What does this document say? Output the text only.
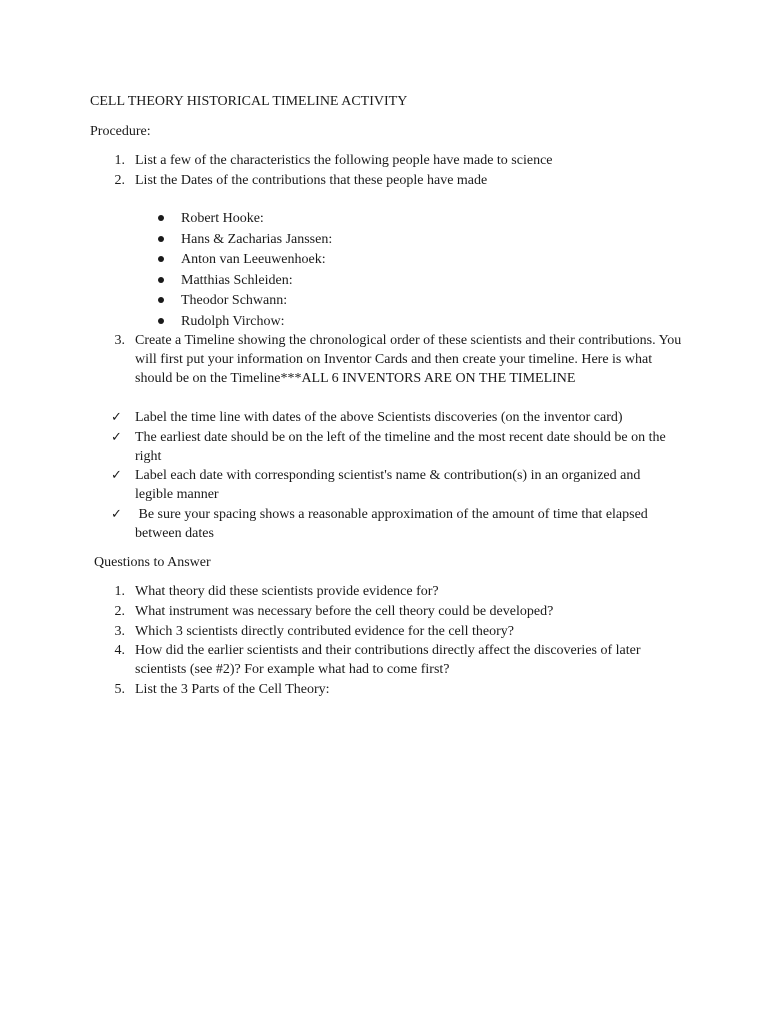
CELL THEORY HISTORICAL TIMELINE ACTIVITY
Procedure:
1. List a few of the characteristics the following people have made to science
2. List the Dates of the contributions that these people have made
Robert Hooke:
Hans & Zacharias Janssen:
Anton van Leeuwenhoek:
Matthias Schleiden:
Theodor Schwann:
Rudolph Virchow:
3. Create a Timeline showing the chronological order of these scientists and their contributions. You will first put your information on Inventor Cards and then create your timeline. Here is what should be on the Timeline***ALL 6 INVENTORS ARE ON THE TIMELINE
✓ Label the time line with dates of the above Scientists discoveries (on the inventor card)
✓ The earliest date should be on the left of the timeline and the most recent date should be on the right
✓ Label each date with corresponding scientist's name & contribution(s) in an organized and legible manner
✓ Be sure your spacing shows a reasonable approximation of the amount of time that elapsed between dates
Questions to Answer
1. What theory did these scientists provide evidence for?
2. What instrument was necessary before the cell theory could be developed?
3. Which 3 scientists directly contributed evidence for the cell theory?
4. How did the earlier scientists and their contributions directly affect the discoveries of later scientists (see #2)? For example what had to come first?
5. List the 3 Parts of the Cell Theory:
